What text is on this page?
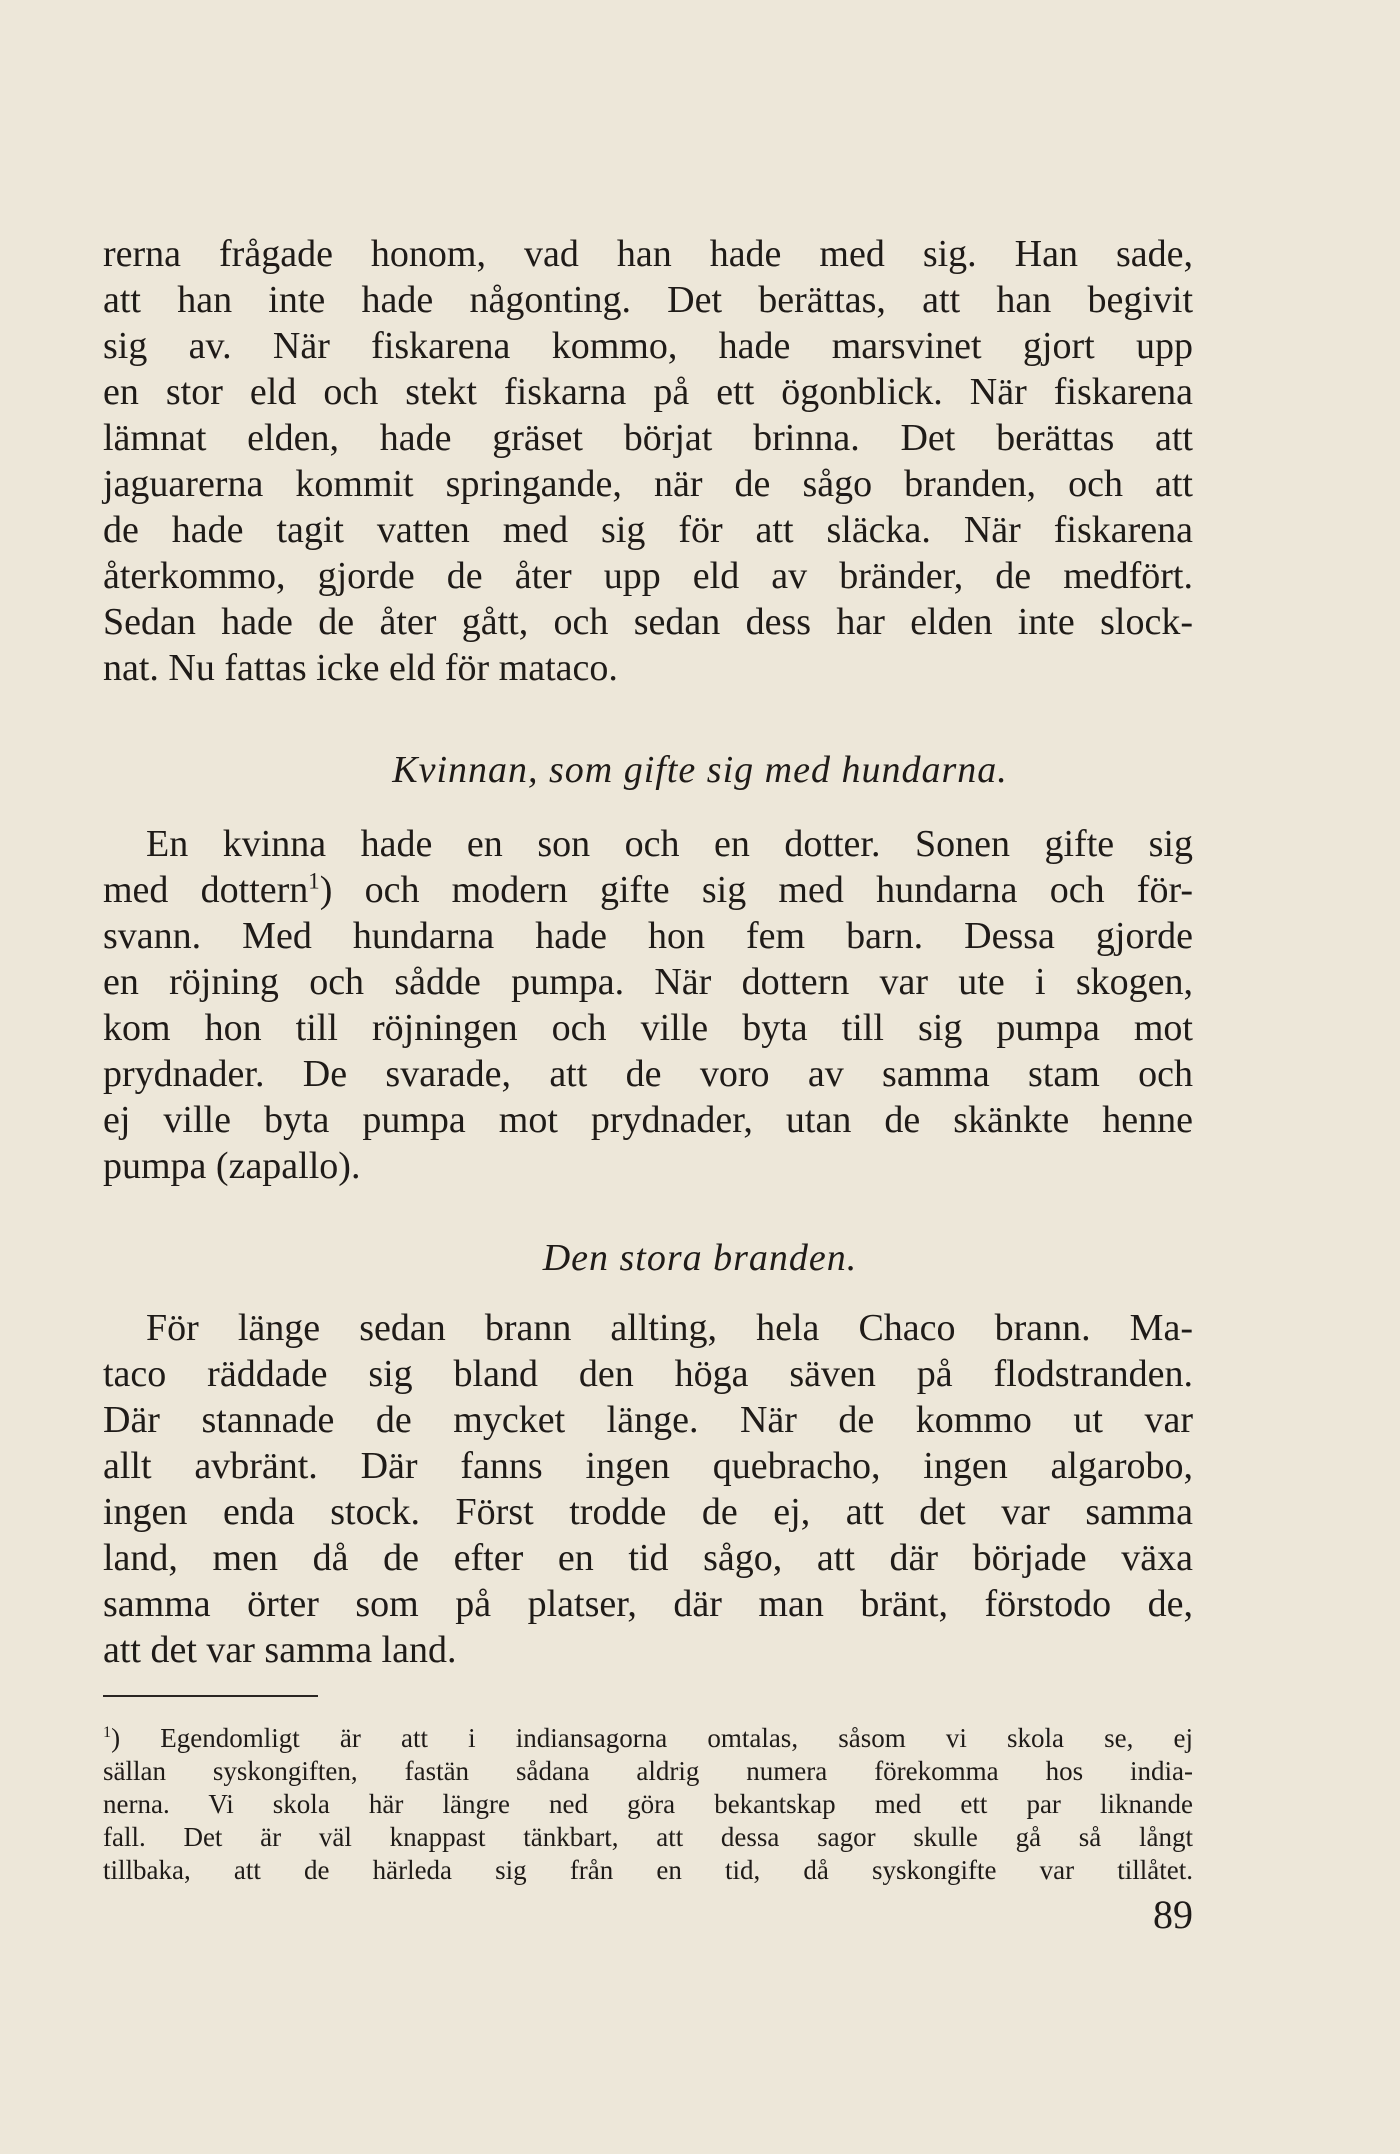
rerna frågade honom, vad han hade med sig. Han sade,
att han inte hade någonting. Det berättas, att han begivit
sig av. När fiskarena kommo, hade marsvinet gjort upp
en stor eld och stekt fiskarna på ett ögonblick. När fiskarena
lämnat elden, hade gräset börjat brinna. Det berättas att
jaguarerna kommit springande, när de sågo branden, och att
de hade tagit vatten med sig för att släcka. När fiskarena
återkommo, gjorde de åter upp eld av bränder, de medfört.
Sedan hade de åter gått, och sedan dess har elden inte slock-
nat. Nu fattas icke eld för mataco.
Kvinnan, som gifte sig med hundarna.
En kvinna hade en son och en dotter. Sonen gifte sig
med dottern$^1$) och modern gifte sig med hundarna och för-
svann. Med hundarna hade hon fem barn. Dessa gjorde
en röjning och sådde pumpa. När dottern var ute i skogen,
kom hon till röjningen och ville byta till sig pumpa mot
prydnader. De svarade, att de voro av samma stam och
ej ville byta pumpa mot prydnader, utan de skänkte henne
pumpa (zapallo).
Den stora branden.
För länge sedan brann allting, hela Chaco brann. Ma-
taco räddade sig bland den höga säven på flodstranden.
Där stannade de mycket länge. När de kommo ut var
allt avbränt. Där fanns ingen quebracho, ingen algarobo,
ingen enda stock. Först trodde de ej, att det var samma
land, men då de efter en tid sågo, att där började växa
samma örter som på platser, där man bränt, förstodo de,
att det var samma land.
$^1$) Egendomligt är att i indiansagorna omtalas, såsom vi skola se, ej
sällan syskongiften, fastän sådana aldrig numera förekomma hos india-
nerna. Vi skola här längre ned göra bekantskap med ett par liknande
fall. Det är väl knappast tänkbart, att dessa sagor skulle gå så långt
tillbaka, att de härleda sig från en tid, då syskongifte var tillåtet.
89
